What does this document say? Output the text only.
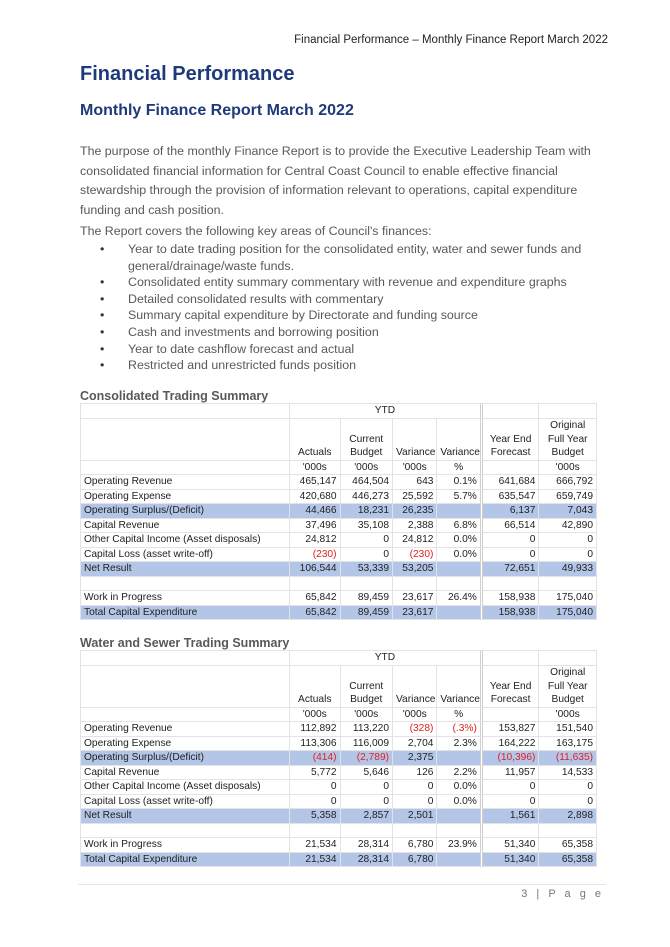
Financial Performance – Monthly Finance Report March 2022
Financial Performance
Monthly Finance Report March 2022

The purpose of the monthly Finance Report is to provide the Executive Leadership Team with consolidated financial information for Central Coast Council to enable effective financial stewardship through the provision of information relevant to operations, capital expenditure funding and cash position.

The Report covers the following key areas of Council's finances:

• Year to date trading position for the consolidated entity, water and sewer funds and general/drainage/waste funds.
• Consolidated entity summary commentary with revenue and expenditure graphs
• Detailed consolidated results with commentary
• Summary capital expenditure by Directorate and funding source
• Cash and investments and borrowing position
• Year to date cashflow forecast and actual
• Restricted and unrestricted funds position
Consolidated Trading Summary
	YTD					
	Actuals	Current Budget	Variance	Variance	Year End Forecast	Original Full Year Budget
	'000s	'000s	'000s	%		'000s
Operating Revenue	465,147	464,504	643	0.1%	641,684	666,792
Operating Expense	420,680	446,273	25,592	5.7%	635,547	659,749
Operating Surplus/(Deficit)	44,466	18,231	26,235		6,137	7,043
Capital Revenue	37,496	35,108	2,388	6.8%	66,514	42,890
Other Capital Income (Asset disposals)	24,812	0	24,812	0.0%	0	0
Capital Loss (asset write-off)	(230)	0	(230)	0.0%	0	0
Net Result	106,544	53,339	53,205		72,651	49,933

Work in Progress	65,842	89,459	23,617	26.4%	158,938	175,040
Total Capital Expenditure	65,842	89,459	23,617		158,938	175,040
Water and Sewer Trading Summary
	YTD					
	Actuals	Current Budget	Variance	Variance	Year End Forecast	Original Full Year Budget
	'000s	'000s	'000s	%		'000s
Operating Revenue	112,892	113,220	(328)	(.3%)	153,827	151,540
Operating Expense	113,306	116,009	2,704	2.3%	164,222	163,175
Operating Surplus/(Deficit)	(414)	(2,789)	2,375		(10,396)	(11,635)
Capital Revenue	5,772	5,646	126	2.2%	11,957	14,533
Other Capital Income (Asset disposals)	0	0	0	0.0%	0	0
Capital Loss (asset write-off)	0	0	0	0.0%	0	0
Net Result	5,358	2,857	2,501		1,561	2,898

Work in Progress	21,534	28,314	6,780	23.9%	51,340	65,358
Total Capital Expenditure	21,534	28,314	6,780		51,340	65,358
3 | P a g e
